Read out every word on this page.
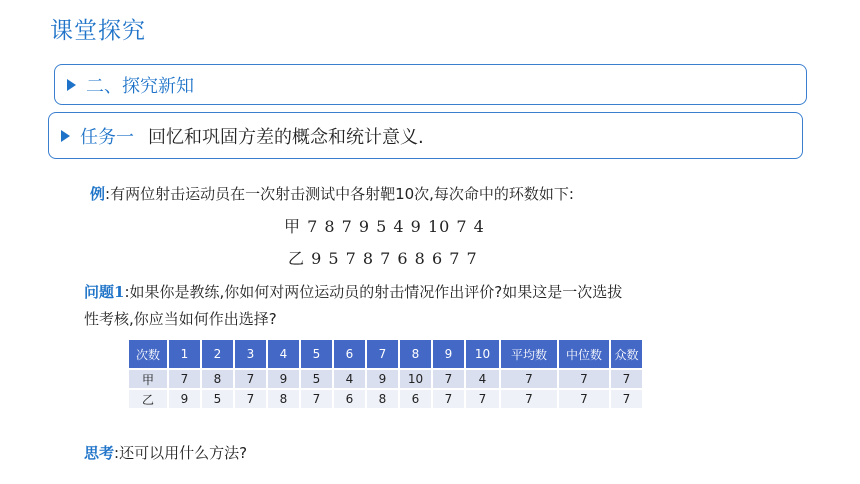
课堂探究
二、探究新知
任务一 回忆和巩固方差的概念和统计意义.
例:有两位射击运动员在一次射击测试中各射靶10次,每次命中的环数如下:
甲 7 8 7 9 5 4 9 10 7 4
乙 9 5 7 8 7 6 8 6 7 7
问题1:如果你是教练,你如何对两位运动员的射击情况作出评价?如果这是一次选拔
性考核,你应当如何作出选择?
次数	1	2	3	4	5	6	7	8	9	10	平均数	中位数	众数
甲	7	8	7	9	5	4	9	10	7	4	7	7	7
乙	9	5	7	8	7	6	8	6	7	7	7	7	7
思考:还可以用什么方法?
